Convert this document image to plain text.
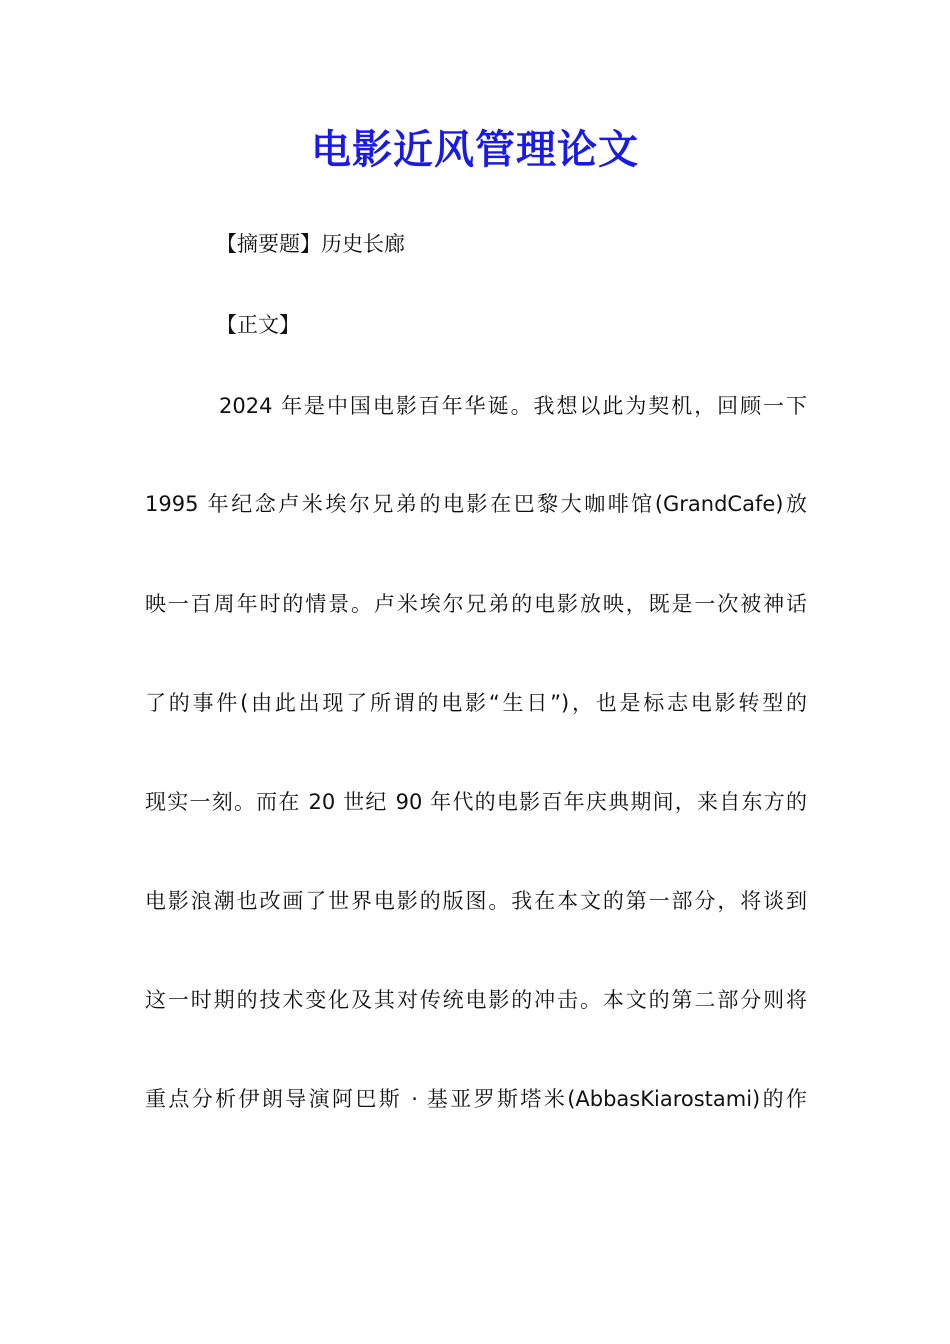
电影近风管理论文
【摘要题】历史长廊
【正文】
2024 年是中国电影百年华诞。我想以此为契机，回顾一下
1995 年纪念卢米埃尔兄弟的电影在巴黎大咖啡馆(GrandCafe)放
映一百周年时的情景。卢米埃尔兄弟的电影放映，既是一次被神话
了的事件(由此出现了所谓的电影“生日”)，也是标志电影转型的
现实一刻。而在 20 世纪 90 年代的电影百年庆典期间，来自东方的
电影浪潮也改画了世界电影的版图。我在本文的第一部分，将谈到
这一时期的技术变化及其对传统电影的冲击。本文的第二部分则将
重点分析伊朗导演阿巴斯 · 基亚罗斯塔米(AbbasKiarostami)的作
